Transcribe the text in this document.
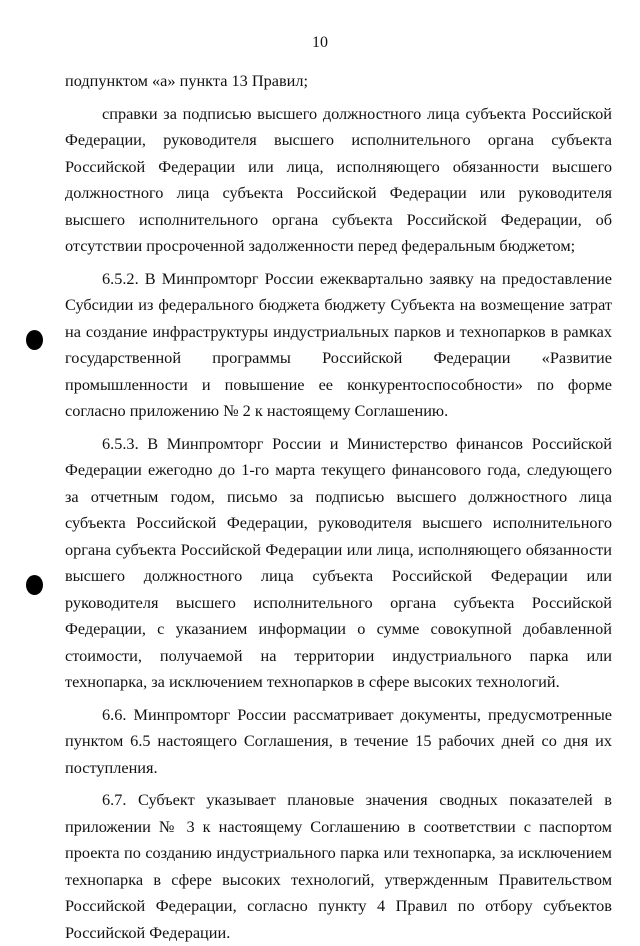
10

подпунктом «а» пункта 13 Правил;

справки за подписью высшего должностного лица субъекта Российской Федерации, руководителя высшего исполнительного органа субъекта Российской Федерации или лица, исполняющего обязанности высшего должностного лица субъекта Российской Федерации или руководителя высшего исполнительного органа субъекта Российской Федерации, об отсутствии просроченной задолженности перед федеральным бюджетом;

6.5.2. В Минпромторг России ежеквартально заявку на предоставление Субсидии из федерального бюджета бюджету Субъекта на возмещение затрат на создание инфраструктуры индустриальных парков и технопарков в рамках государственной программы Российской Федерации «Развитие промышленности и повышение ее конкурентоспособности» по форме согласно приложению № 2 к настоящему Соглашению.

6.5.3. В Минпромторг России и Министерство финансов Российской Федерации ежегодно до 1-го марта текущего финансового года, следующего за отчетным годом, письмо за подписью высшего должностного лица субъекта Российской Федерации, руководителя высшего исполнительного органа субъекта Российской Федерации или лица, исполняющего обязанности высшего должностного лица субъекта Российской Федерации или руководителя высшего исполнительного органа субъекта Российской Федерации, с указанием информации о сумме совокупной добавленной стоимости, получаемой на территории индустриального парка или технопарка, за исключением технопарков в сфере высоких технологий.

6.6. Минпромторг России рассматривает документы, предусмотренные пунктом 6.5 настоящего Соглашения, в течение 15 рабочих дней со дня их поступления.

6.7. Субъект указывает плановые значения сводных показателей в приложении № 3 к настоящему Соглашению в соответствии с паспортом проекта по созданию индустриального парка или технопарка, за исключением технопарка в сфере высоких технологий, утвержденным Правительством Российской Федерации, согласно пункту 4 Правил по отбору субъектов Российской Федерации.
